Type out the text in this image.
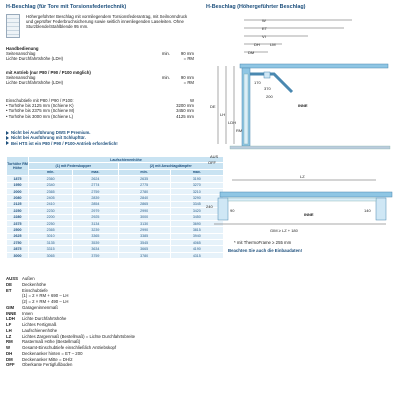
H-Beschlag (für Tore mit Torsionsfedertechnik)	H-Beschlag (Höhergeführter Beschlag)
Höhergeführter Beschlag mit vormilegendem Torsionsfederantrag, mit Seilnormdruck und geprüfter Federbruchsicherung sowie seitlich innenliegenden Laseleiten. Ohne Sturzblende/Stahlblende 95 mm.
Handbedienung
Seitenanschlag	min.	90 mm
Lichte Durchfahrtshöhe (LDH)	= RM
mit Antrieb (nur P80 / P90 / P100 möglich)
Seitenanschlag	min.	90 mm
Lichte Durchfahrtshöhe (LDH)	= RM
Einschubtiefe mit P80 / P90 / P100:	W
• Torhöhe bis 2125 mm (Schiene K)	3200 mm
• Torhöhe bis 2375 mm (Schiene M)	3450 mm
• Torhöhe bis 3000 mm (Schiene L)	4125 mm
Nicht bei Ausführung DWS P Premium.
Nicht bei Ausführung mit Schlupftür.
Bei HTS ist ein P80 / P90 / P100-Antrieb erforderlich!
Torhöhe RM Höhe	Laufschienenhöhe			
	(1) mit Federskopper		(2) mit Anschlagdämpfer	
	min.	max.	min.	max.
1875	2360	2624	2635	3190
1950	2340	2774	2775	3270
2000	2365	2759	2780	3210
2080	2405	2839	2840	3290
2125	2410	2854	2865	3345
2250	2230	2979	2990	3420
2280	2200	2925	3000	3450
2375	2250	3134	3130	3690
2500	2365	3239	2990	3815
2625	3010	3365	3385	3940
2750	3135	3539	3545	4065
2875	3315	3634	3665	4190
3000	3065	3759	3780	4315
AUSS Außen
DE Deckenhöhe
ET Einschubtiefe
(1) = 2 × RM + 690 – LH
(2) = 2 × RM + 490 – LH
GIM Garageninnenmaß
INNE Innen
LDH Lichte Durchfahrtshöhe
LF	Lichtes Fertigmaß
LH Laufschienenhöhe
LZ	Lichtes Zargenmaß (Bestellmaß) = Lichte Durchfahrtsbreite
RM Rastermaß Höhe (Bestellmaß)
W	Gesamt-Einschubtiefe einschließlich Antriebskopf
DH Deckenanker hinten = ET – 200
DM Deckenanker Mitte = DH/2
OFF Oberkante Fertigfußboden
W
ET
VI
DH
DM
LM
INNE
AUS
OFF
DE
LH
LDH
RM
370
170
200
LZ
240
90	140
INNE
GIM ≥ LZ + 180
* mit ThermoFrame ≥ 255 mm
Beachten Sie auch die Einbaudaten!
